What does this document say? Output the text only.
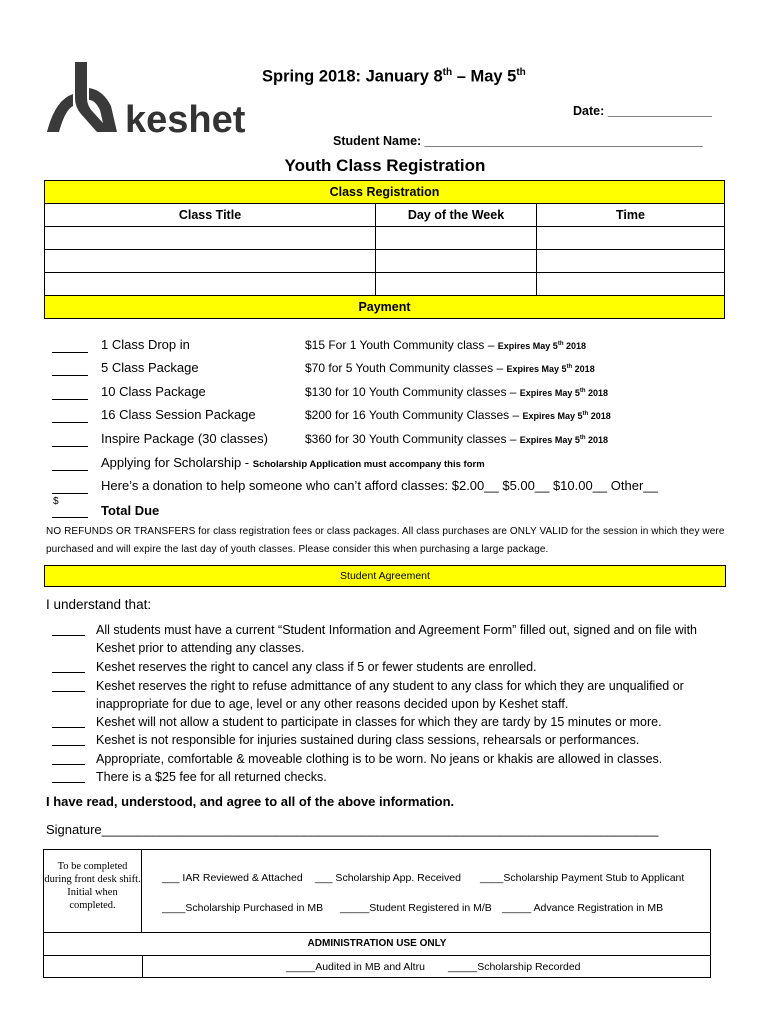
keshet
Spring 2018: January 8th – May 5th
Date: _______________
Student Name: ________________________________________
Youth Class Registration
Class Registration		
Class Title	Day of the Week	Time

Payment		
1 Class Drop in	$15 For 1 Youth Community class – Expires May 5th 2018
5 Class Package	$70 for 5 Youth Community classes – Expires May 5th 2018
10 Class Package	$130 for 10 Youth Community classes – Expires May 5th 2018
16 Class Session Package	$200 for 16 Youth Community Classes – Expires May 5th 2018
Inspire Package (30 classes)	$360 for 30 Youth Community classes – Expires May 5th 2018
Applying for Scholarship - Scholarship Application must accompany this form
Here’s a donation to help someone who can’t afford classes: $2.00__ $5.00__ $10.00__ Other__
$
Total Due
NO REFUNDS OR TRANSFERS for class registration fees or class packages. All class purchases are ONLY VALID for the session in which they were purchased and will expire the last day of youth classes. Please consider this when purchasing a large package.
Student Agreement
I understand that:
All students must have a current “Student Information and Agreement Form” filled out, signed and on file with Keshet prior to attending any classes.
Keshet reserves the right to cancel any class if 5 or fewer students are enrolled.
Keshet reserves the right to refuse admittance of any student to any class for which they are unqualified or inappropriate for due to age, level or any other reasons decided upon by Keshet staff.
Keshet will not allow a student to participate in classes for which they are tardy by 15 minutes or more.
Keshet is not responsible for injuries sustained during class sessions, rehearsals or performances.
Appropriate, comfortable & moveable clothing is to be worn. No jeans or khakis are allowed in classes.
There is a $25 fee for all returned checks.
I have read, understood, and agree to all of the above information.
Signature_____________________________________________________________________________
To be completed during front desk shift. Initial when completed.
___ IAR Reviewed & Attached ___ Scholarship App. Received ____Scholarship Payment Stub to Applicant
____Scholarship Purchased in MB _____Student Registered in M/B _____ Advance Registration in MB
ADMINISTRATION USE ONLY
_____Audited in MB and Altru _____Scholarship Recorded
